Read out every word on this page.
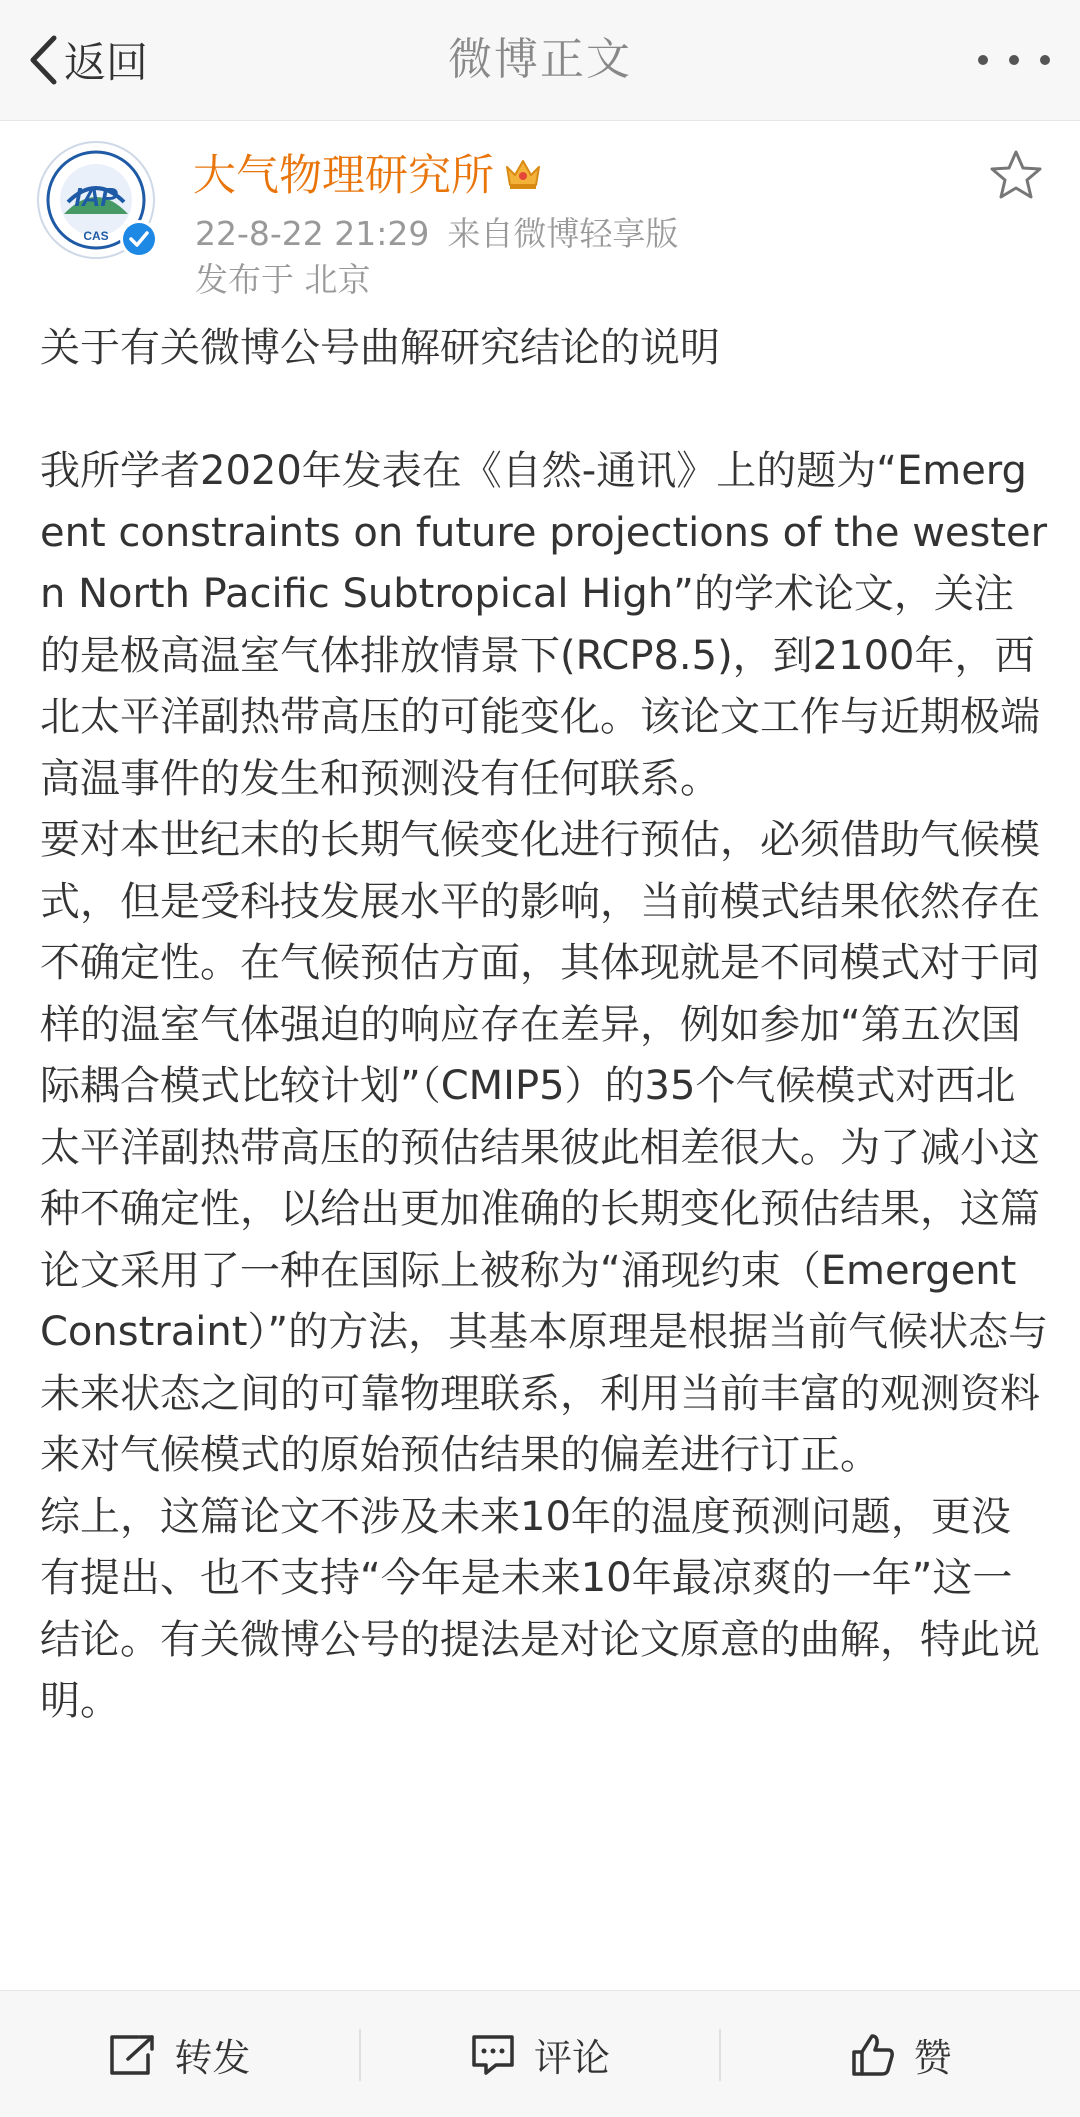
返回	微博正文
IAP
CAS
大气物理研究所
22-8-22 21:29 来自微博轻享版
发布于 北京

关于有关微博公号曲解研究结论的说明

我所学者2020年发表在《自然-通讯》上的题为“Emergent constraints on future projections of the western North Pacific Subtropical High”的学术论文，关注的是极高温室气体排放情景下(RCP8.5)，到2100年，西北太平洋副热带高压的可能变化。该论文工作与近期极端高温事件的发生和预测没有任何联系。

要对本世纪末的长期气候变化进行预估，必须借助气候模式，但是受科技发展水平的影响，当前模式结果依然存在不确定性。在气候预估方面，其体现就是不同模式对于同样的温室气体强迫的响应存在差异，例如参加“第五次国际耦合模式比较计划”（CMIP5）的35个气候模式对西北太平洋副热带高压的预估结果彼此相差很大。为了减小这种不确定性，以给出更加准确的长期变化预估结果，这篇论文采用了一种在国际上被称为“涌现约束（Emergent Constraint）”的方法，其基本原理是根据当前气候状态与未来状态之间的可靠物理联系，利用当前丰富的观测资料来对气候模式的原始预估结果的偏差进行订正。

综上，这篇论文不涉及未来10年的温度预测问题，更没有提出、也不支持“今年是未来10年最凉爽的一年”这一结论。有关微博公号的提法是对论文原意的曲解，特此说明。

转发	评论	赞
